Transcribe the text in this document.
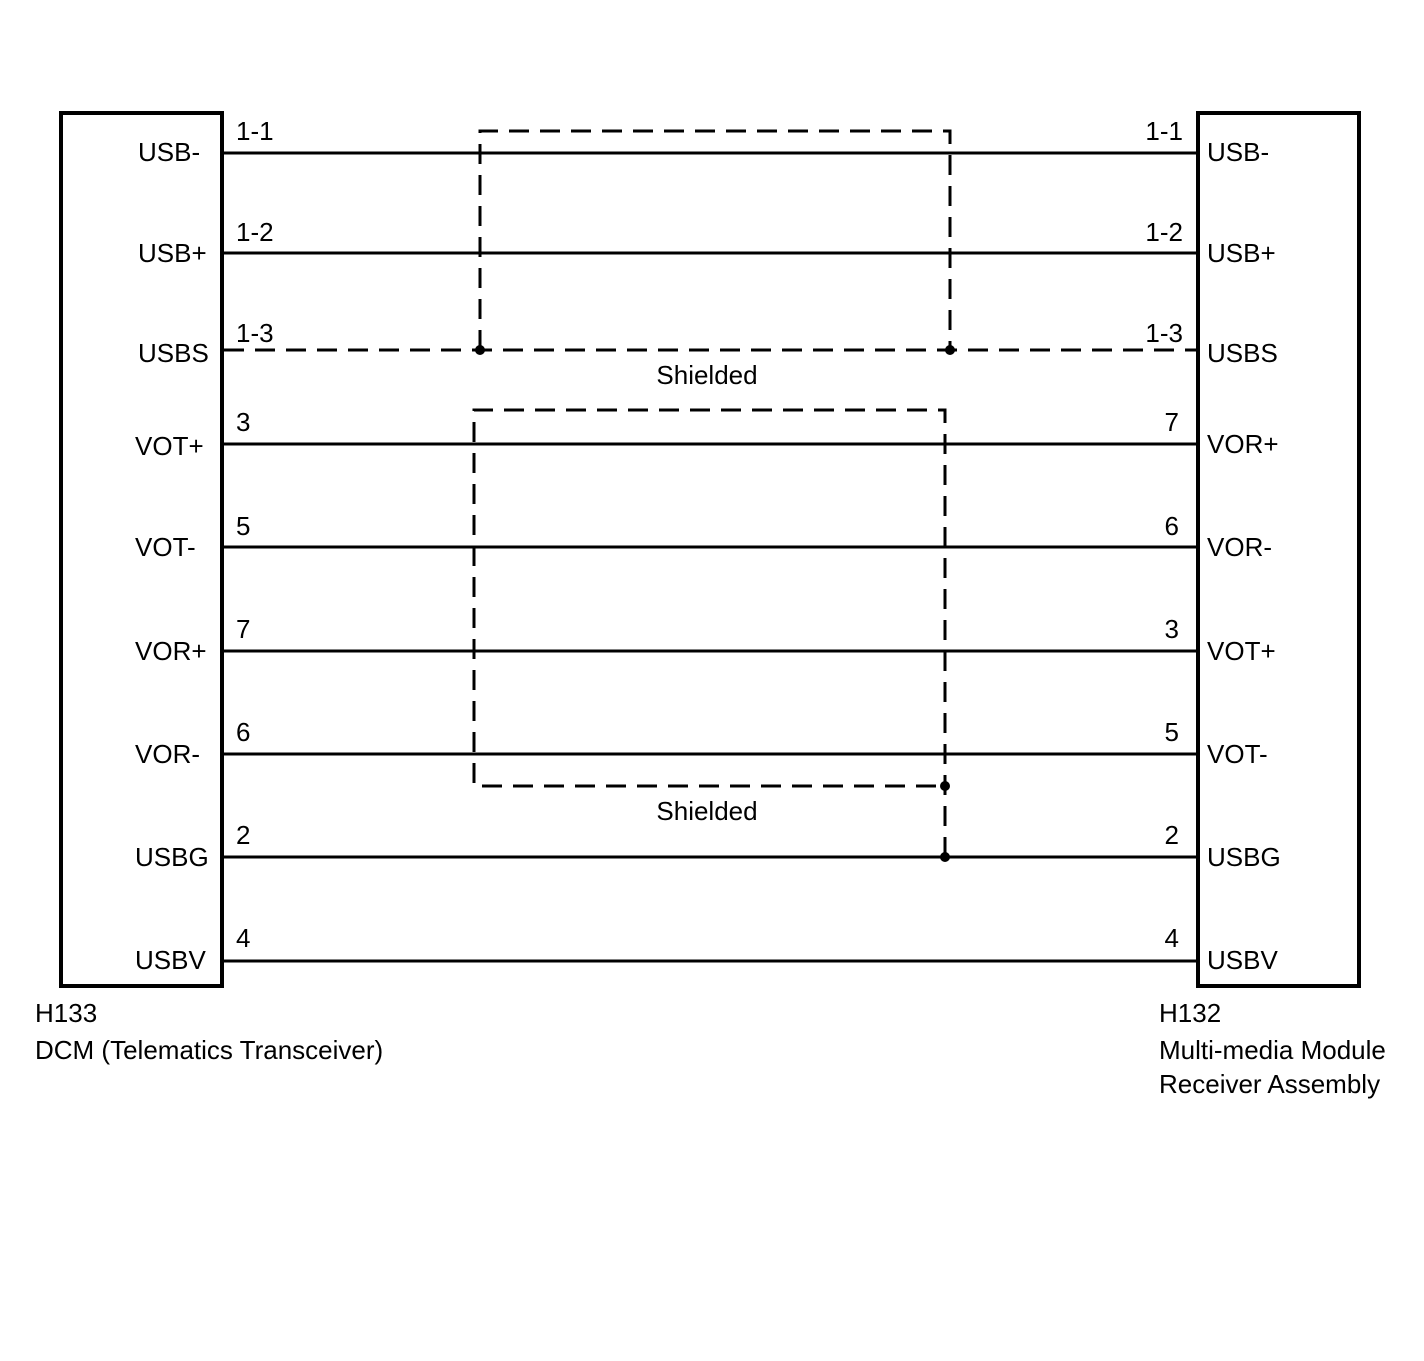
Shielded
Shielded
USB-
1-1
USB+
1-2
USBS
1-3
VOT+
3
VOT-
5
VOR+
7
VOR-
6
USBG
2
USBV
4
USB-
1-1
USB+
1-2
USBS
1-3
VOR+
7
VOR-
6
VOT+
3
VOT-
5
USBG
2
USBV
4
H133
DCM (Telematics Transceiver)
H132
Multi-media Module
Receiver Assembly
